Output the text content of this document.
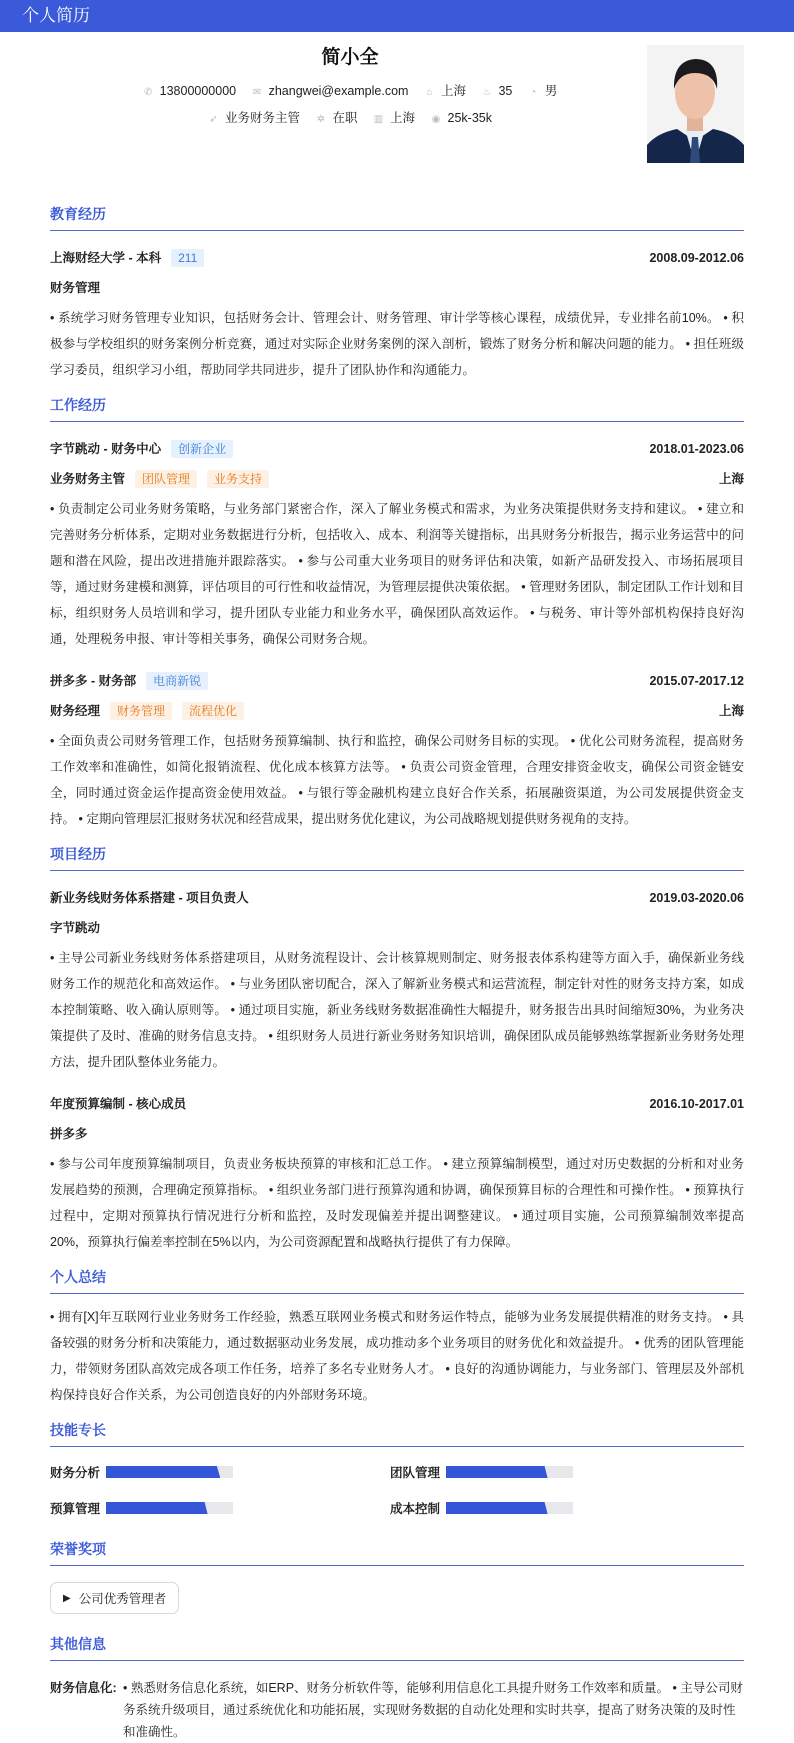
个人简历
简小全
✆ 13800000000 ✉ zhangwei@example.com ⌂ 上海 ♨ 35 ◔ 男
➶ 业务财务主管 ✲ 在职 ▥ 上海 ◉ 25k-35k
教育经历
上海财经大学 - 本科	211	2008.09-2012.06
财务管理
• 系统学习财务管理专业知识，包括财务会计、管理会计、财务管理、审计学等核心课程，成绩优异，专业排名前10%。 • 积极参与学校组织的财务案例分析竞赛，通过对实际企业财务案例的深入剖析，锻炼了财务分析和解决问题的能力。 • 担任班级学习委员，组织学习小组，帮助同学共同进步，提升了团队协作和沟通能力。
工作经历
字节跳动 - 财务中心	创新企业	2018.01-2023.06
业务财务主管	团队管理	业务支持	上海
• 负责制定公司业务财务策略，与业务部门紧密合作，深入了解业务模式和需求，为业务决策提供财务支持和建议。 • 建立和完善财务分析体系，定期对业务数据进行分析，包括收入、成本、利润等关键指标，出具财务分析报告，揭示业务运营中的问题和潜在风险，提出改进措施并跟踪落实。 • 参与公司重大业务项目的财务评估和决策，如新产品研发投入、市场拓展项目等，通过财务建模和测算，评估项目的可行性和收益情况，为管理层提供决策依据。 • 管理财务团队，制定团队工作计划和目标，组织财务人员培训和学习，提升团队专业能力和业务水平，确保团队高效运作。 • 与税务、审计等外部机构保持良好沟通，处理税务申报、审计等相关事务，确保公司财务合规。
拼多多 - 财务部	电商新锐	2015.07-2017.12
财务经理	财务管理	流程优化	上海
• 全面负责公司财务管理工作，包括财务预算编制、执行和监控，确保公司财务目标的实现。 • 优化公司财务流程，提高财务工作效率和准确性，如简化报销流程、优化成本核算方法等。 • 负责公司资金管理，合理安排资金收支，确保公司资金链安全，同时通过资金运作提高资金使用效益。 • 与银行等金融机构建立良好合作关系，拓展融资渠道，为公司发展提供资金支持。 • 定期向管理层汇报财务状况和经营成果，提出财务优化建议，为公司战略规划提供财务视角的支持。
项目经历
新业务线财务体系搭建 - 项目负责人	2019.03-2020.06
字节跳动
• 主导公司新业务线财务体系搭建项目，从财务流程设计、会计核算规则制定、财务报表体系构建等方面入手，确保新业务线财务工作的规范化和高效运作。 • 与业务团队密切配合，深入了解新业务模式和运营流程，制定针对性的财务支持方案，如成本控制策略、收入确认原则等。 • 通过项目实施，新业务线财务数据准确性大幅提升，财务报告出具时间缩短30%，为业务决策提供了及时、准确的财务信息支持。 • 组织财务人员进行新业务财务知识培训，确保团队成员能够熟练掌握新业务财务处理方法，提升团队整体业务能力。
年度预算编制 - 核心成员	2016.10-2017.01
拼多多
• 参与公司年度预算编制项目，负责业务板块预算的审核和汇总工作。 • 建立预算编制模型，通过对历史数据的分析和对业务发展趋势的预测，合理确定预算指标。 • 组织业务部门进行预算沟通和协调，确保预算目标的合理性和可操作性。 • 预算执行过程中，定期对预算执行情况进行分析和监控，及时发现偏差并提出调整建议。 • 通过项目实施，公司预算编制效率提高20%，预算执行偏差率控制在5%以内，为公司资源配置和战略执行提供了有力保障。
个人总结
• 拥有[X]年互联网行业业务财务工作经验，熟悉互联网业务模式和财务运作特点，能够为业务发展提供精准的财务支持。 • 具备较强的财务分析和决策能力，通过数据驱动业务发展，成功推动多个业务项目的财务优化和效益提升。 • 优秀的团队管理能力，带领财务团队高效完成各项工作任务，培养了多名专业财务人才。 • 良好的沟通协调能力，与业务部门、管理层及外部机构保持良好合作关系，为公司创造良好的内外部财务环境。
技能专长
财务分析	团队管理
预算管理	成本控制
荣誉奖项
▶ 公司优秀管理者
其他信息
财务信息化: • 熟悉财务信息化系统，如ERP、财务分析软件等，能够利用信息化工具提升财务工作效率和质量。 • 主导公司财务系统升级项目，通过系统优化和功能拓展，实现财务数据的自动化处理和实时共享，提高了财务决策的及时性和准确性。
